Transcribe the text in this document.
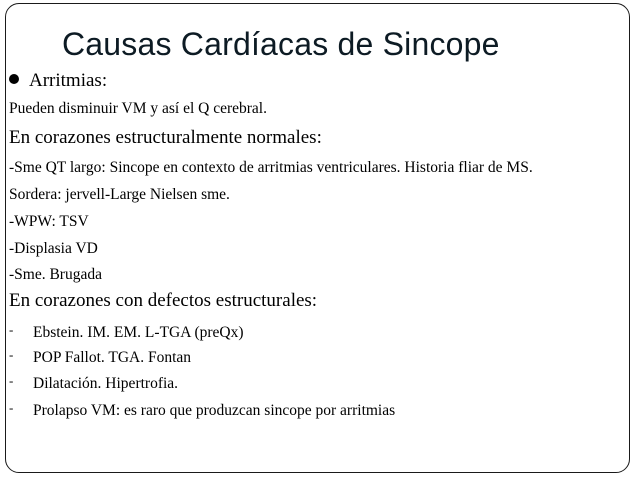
Causas Cardíacas de Sincope
Arritmias:
Pueden disminuir VM y así el Q cerebral.
En corazones estructuralmente normales:
-Sme QT largo: Sincope en contexto de arritmias ventriculares. Historia fliar de MS.
Sordera: jervell-Large Nielsen sme.
-WPW: TSV
-Displasia VD
-Sme. Brugada
En corazones con defectos estructurales:
- Ebstein. IM. EM. L-TGA (preQx)
- POP Fallot. TGA. Fontan
- Dilatación. Hipertrofia.
- Prolapso VM: es raro que produzcan sincope por arritmias
